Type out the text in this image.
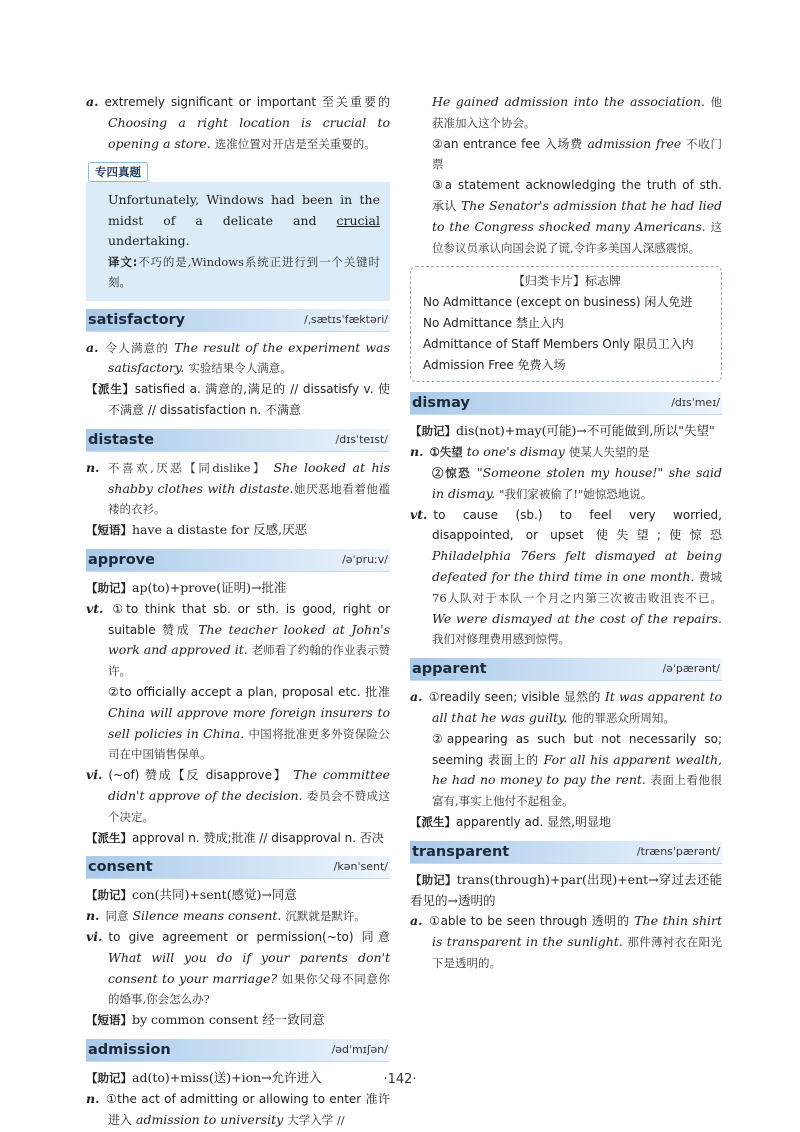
a. extremely significant or important 至关重要的 Choosing a right location is crucial to opening a store. 选准位置对开店是至关重要的。

专四真题

Unfortunately, Windows had been in the midst of a delicate and crucial undertaking.

译文:不巧的是,Windows系统正进行到一个关键时刻。

satisfactory	/ˌsætɪsˈfæktəri/

a. 令人满意的 The result of the experiment was satisfactory. 实验结果令人满意。

【派生】satisfied a. 满意的,满足的 // dissatisfy v. 使不满意 // dissatisfaction n. 不满意

distaste	/dɪsˈteɪst/

n. 不喜欢,厌恶【同dislike】 She looked at his shabby clothes with distaste.她厌恶地看着他褴褛的衣衫。

【短语】have a distaste for 反感,厌恶

approve	/əˈpruːv/

【助记】ap(to)+prove(证明)→批准

vt. ①to think that sb. or sth. is good, right or suitable 赞成 The teacher looked at John's work and approved it. 老师看了约翰的作业表示赞许。

②to officially accept a plan, proposal etc. 批准 China will approve more foreign insurers to sell policies in China. 中国将批准更多外资保险公司在中国销售保单。

vi. (~of) 赞成【反 disapprove】 The committee didn't approve of the decision. 委员会不赞成这个决定。

【派生】approval n. 赞成;批准 // disapproval n. 否决

consent	/kənˈsent/

【助记】con(共同)+sent(感觉)→同意

n. 同意 Silence means consent. 沉默就是默许。

vi. to give agreement or permission(~to) 同意 What will you do if your parents don't consent to your marriage? 如果你父母不同意你的婚事,你会怎么办?

【短语】by common consent 经一致同意

admission	/ədˈmɪʃən/

【助记】ad(to)+miss(送)+ion→允许进入

n. ①the act of admitting or allowing to enter 准许进入 admission to university 大学入学 //

He gained admission into the association. 他获准加入这个协会。

②an entrance fee 入场费 admission free 不收门票

③a statement acknowledging the truth of sth. 承认 The Senator's admission that he had lied to the Congress shocked many Americans. 这位参议员承认向国会说了谎,令许多美国人深感震惊。

【归类卡片】标志牌

No Admittance (except on business) 闲人免进

No Admittance 禁止入内

Admittance of Staff Members Only 限员工入内

Admission Free 免费入场

dismay	/dɪsˈmeɪ/

【助记】dis(not)+may(可能)→不可能做到,所以"失望"

n. ①失望 to one's dismay 使某人失望的是

②惊恐 "Someone stolen my house!" she said in dismay. "我们家被偷了!"她惊恐地说。

vt. to cause (sb.) to feel very worried, disappointed, or upset 使失望;使惊恐 Philadelphia 76ers felt dismayed at being defeated for the third time in one month. 费城76人队对于本队一个月之内第三次被击败沮丧不已。 We were dismayed at the cost of the repairs. 我们对修理费用感到惊愕。

apparent	/əˈpærənt/

a. ①readily seen; visible 显然的 It was apparent to all that he was guilty. 他的罪恶众所周知。

②appearing as such but not necessarily so; seeming 表面上的 For all his apparent wealth, he had no money to pay the rent. 表面上看他很富有,事实上他付不起租金。

【派生】apparently ad. 显然,明显地

transparent	/trænsˈpærənt/

【助记】trans(through)+par(出现)+ent→穿过去还能看见的→透明的

a. ①able to be seen through 透明的 The thin shirt is transparent in the sunlight. 那件薄衬衣在阳光下是透明的。

·142·
